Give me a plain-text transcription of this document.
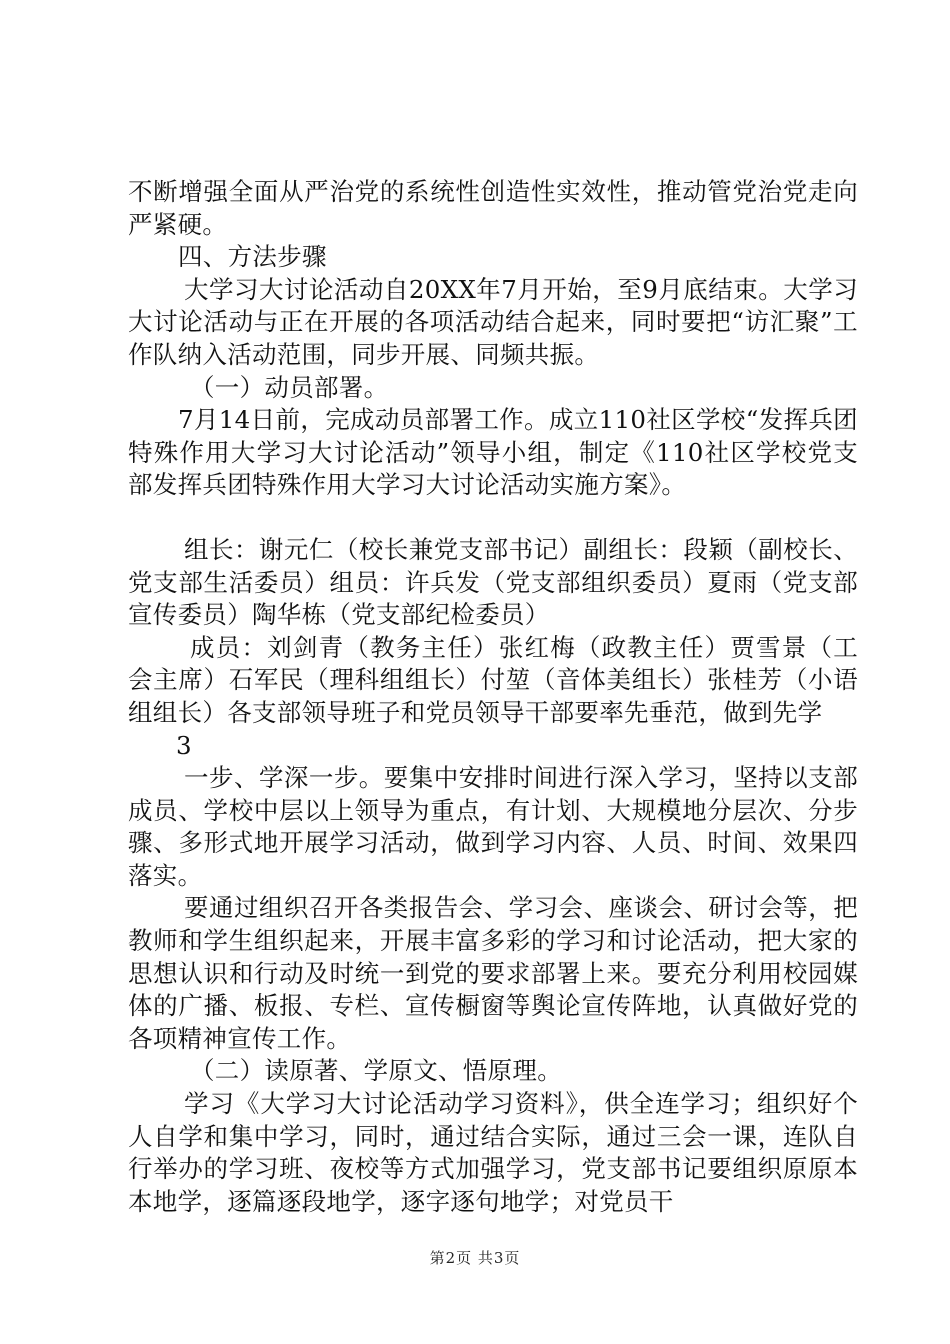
不断增强全面从严治党的系统性创造性实效性，推动管党治党走向严紧硬。

四、方法步骤

大学习大讨论活动自20XX年7月开始，至9月底结束。大学习大讨论活动与正在开展的各项活动结合起来，同时要把“访汇聚”工作队纳入活动范围，同步开展、同频共振。

（一）动员部署。

7月14日前，完成动员部署工作。成立110社区学校“发挥兵团特殊作用大学习大讨论活动”领导小组，制定《110社区学校党支部发挥兵团特殊作用大学习大讨论活动实施方案》。

组长：谢元仁（校长兼党支部书记）副组长：段颖（副校长、党支部生活委员）组员：许兵发（党支部组织委员）夏雨（党支部宣传委员）陶华栋（党支部纪检委员）

成员：刘剑青（教务主任）张红梅（政教主任）贾雪景（工会主席）石军民（理科组组长）付堃（音体美组长）张桂芳（小语组组长）各支部领导班子和党员领导干部要率先垂范，做到先学

3

一步、学深一步。要集中安排时间进行深入学习，坚持以支部成员、学校中层以上领导为重点，有计划、大规模地分层次、分步骤、多形式地开展学习活动，做到学习内容、人员、时间、效果四落实。

要通过组织召开各类报告会、学习会、座谈会、研讨会等，把教师和学生组织起来，开展丰富多彩的学习和讨论活动，把大家的思想认识和行动及时统一到党的要求部署上来。要充分利用校园媒体的广播、板报、专栏、宣传橱窗等舆论宣传阵地，认真做好党的各项精神宣传工作。

（二）读原著、学原文、悟原理。

学习《大学习大讨论活动学习资料》，供全连学习；组织好个人自学和集中学习，同时，通过结合实际，通过三会一课，连队自行举办的学习班、夜校等方式加强学习，党支部书记要组织原原本本地学，逐篇逐段地学，逐字逐句地学；对党员干

第2页 共3页
